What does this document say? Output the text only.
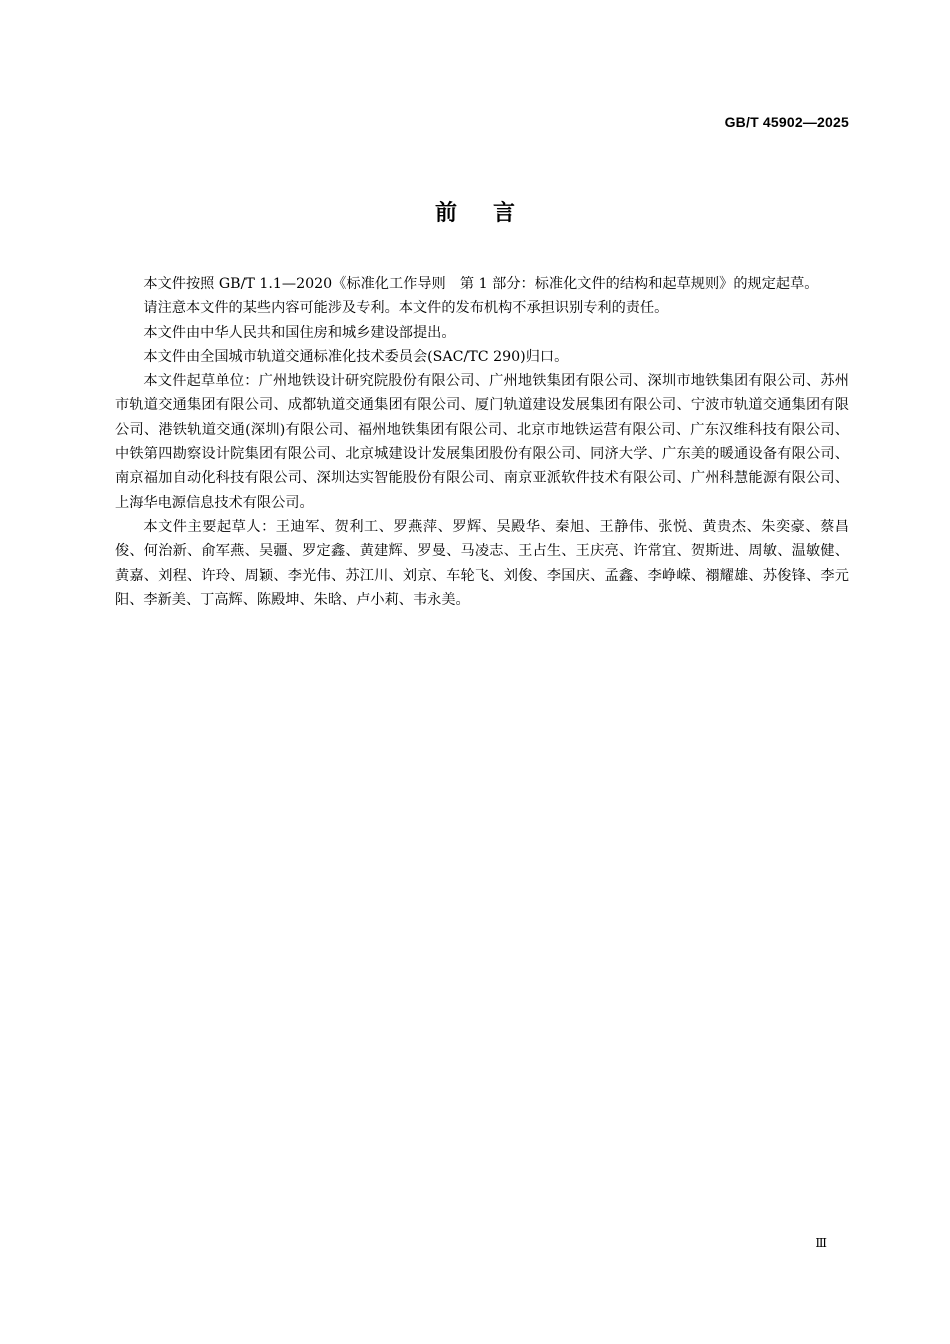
GB/T 45902—2025
前言

本文件按照 GB/T 1.1—2020《标准化工作导则　第 1 部分：标准化文件的结构和起草规则》的规定起草。

请注意本文件的某些内容可能涉及专利。本文件的发布机构不承担识别专利的责任。

本文件由中华人民共和国住房和城乡建设部提出。

本文件由全国城市轨道交通标准化技术委员会(SAC/TC 290)归口。

本文件起草单位：广州地铁设计研究院股份有限公司、广州地铁集团有限公司、深圳市地铁集团有限公司、苏州市轨道交通集团有限公司、成都轨道交通集团有限公司、厦门轨道建设发展集团有限公司、宁波市轨道交通集团有限公司、港铁轨道交通(深圳)有限公司、福州地铁集团有限公司、北京市地铁运营有限公司、广东汉维科技有限公司、中铁第四勘察设计院集团有限公司、北京城建设计发展集团股份有限公司、同济大学、广东美的暖通设备有限公司、南京福加自动化科技有限公司、深圳达实智能股份有限公司、南京亚派软件技术有限公司、广州科慧能源有限公司、上海华电源信息技术有限公司。

本文件主要起草人：王迪军、贺利工、罗燕萍、罗辉、吴殿华、秦旭、王静伟、张悦、黄贵杰、朱奕豪、蔡昌俊、何治新、俞军燕、吴疆、罗定鑫、黄建辉、罗曼、马凌志、王占生、王庆亮、许常宜、贺斯进、周敏、温敏健、黄嘉、刘程、许玲、周颖、李光伟、苏江川、刘京、车轮飞、刘俊、李国庆、孟鑫、李峥嵘、禤耀雄、苏俊锋、李元阳、李新美、丁高辉、陈殿坤、朱晗、卢小莉、韦永美。

Ⅲ
